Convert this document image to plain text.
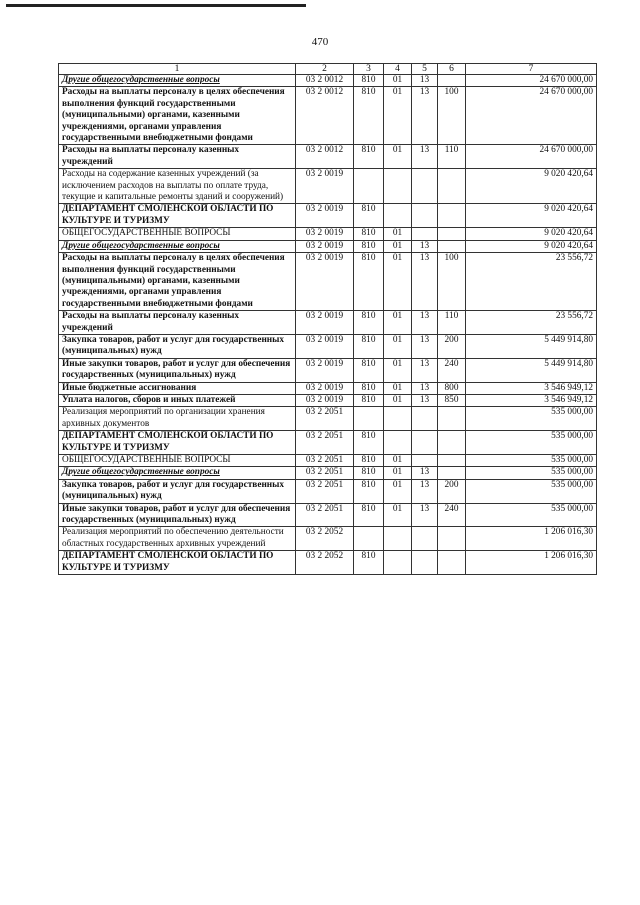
470
1	2	3	4	5	6	7
Другие общегосударственные вопросы	03 2 0012	810	01	13		24 670 000,00
Расходы на выплаты персоналу в целях обеспечения выполнения функций государственными (муниципальными) органами, казенными учреждениями, органами управления государственными внебюджетными фондами	03 2 0012	810	01	13	100	24 670 000,00
Расходы на выплаты персоналу казенных учреждений	03 2 0012	810	01	13	110	24 670 000,00
Расходы на содержание казенных учреждений (за исключением расходов на выплаты по оплате труда, текущие и капитальные ремонты зданий и сооружений)	03 2 0019					9 020 420,64
ДЕПАРТАМЕНТ СМОЛЕНСКОЙ ОБЛАСТИ ПО КУЛЬТУРЕ И ТУРИЗМУ	03 2 0019	810				9 020 420,64
ОБЩЕГОСУДАРСТВЕННЫЕ ВОПРОСЫ	03 2 0019	810	01			9 020 420,64
Другие общегосударственные вопросы	03 2 0019	810	01	13		9 020 420,64
Расходы на выплаты персоналу в целях обеспечения выполнения функций государственными (муниципальными) органами, казенными учреждениями, органами управления государственными внебюджетными фондами	03 2 0019	810	01	13	100	23 556,72
Расходы на выплаты персоналу казенных учреждений	03 2 0019	810	01	13	110	23 556,72
Закупка товаров, работ и услуг для государственных (муниципальных) нужд	03 2 0019	810	01	13	200	5 449 914,80
Иные закупки товаров, работ и услуг для обеспечения государственных (муниципальных) нужд	03 2 0019	810	01	13	240	5 449 914,80
Иные бюджетные ассигнования	03 2 0019	810	01	13	800	3 546 949,12
Уплата налогов, сборов и иных платежей	03 2 0019	810	01	13	850	3 546 949,12
Реализация мероприятий по организации хранения архивных документов	03 2 2051					535 000,00
ДЕПАРТАМЕНТ СМОЛЕНСКОЙ ОБЛАСТИ ПО КУЛЬТУРЕ И ТУРИЗМУ	03 2 2051	810				535 000,00
ОБЩЕГОСУДАРСТВЕННЫЕ ВОПРОСЫ	03 2 2051	810	01			535 000,00
Другие общегосударственные вопросы	03 2 2051	810	01	13		535 000,00
Закупка товаров, работ и услуг для государственных (муниципальных) нужд	03 2 2051	810	01	13	200	535 000,00
Иные закупки товаров, работ и услуг для обеспечения государственных (муниципальных) нужд	03 2 2051	810	01	13	240	535 000,00
Реализация мероприятий по обеспечению деятельности областных государственных архивных учреждений	03 2 2052					1 206 016,30
ДЕПАРТАМЕНТ СМОЛЕНСКОЙ ОБЛАСТИ ПО КУЛЬТУРЕ И ТУРИЗМУ	03 2 2052	810				1 206 016,30
